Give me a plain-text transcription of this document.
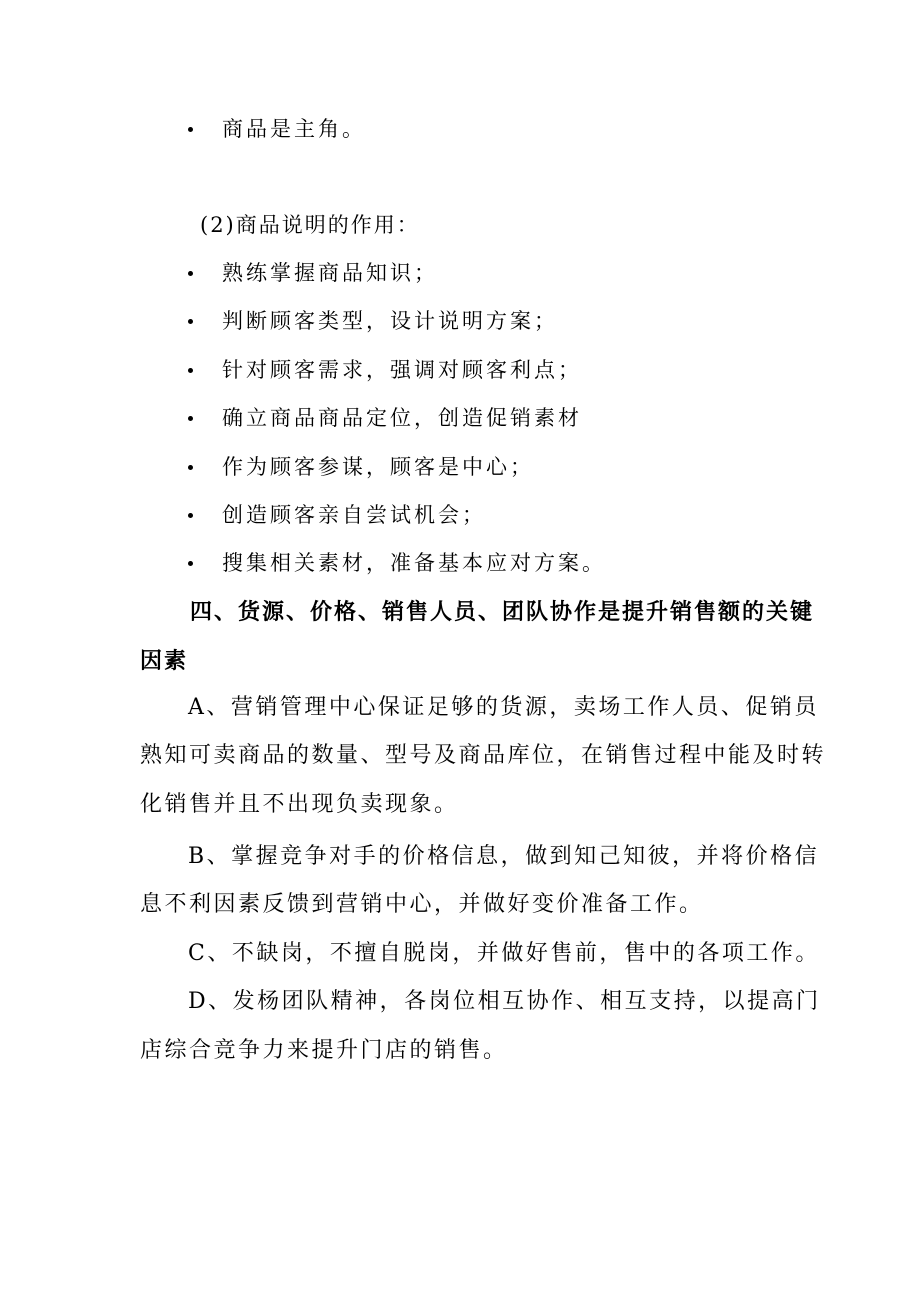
商品是主角。
(2)商品说明的作用：
熟练掌握商品知识；
判断顾客类型，设计说明方案；
针对顾客需求，强调对顾客利点；
确立商品商品定位，创造促销素材
作为顾客参谋，顾客是中心；
创造顾客亲自尝试机会；
搜集相关素材，准备基本应对方案。
四、货源、价格、销售人员、团队协作是提升销售额的关键
因素
A、营销管理中心保证足够的货源，卖场工作人员、促销员
熟知可卖商品的数量、型号及商品库位，在销售过程中能及时转
化销售并且不出现负卖现象。
B、掌握竞争对手的价格信息，做到知己知彼，并将价格信
息不利因素反馈到营销中心，并做好变价准备工作。
C、不缺岗，不擅自脱岗，并做好售前，售中的各项工作。
D、发杨团队精神，各岗位相互协作、相互支持，以提高门
店综合竞争力来提升门店的销售。
